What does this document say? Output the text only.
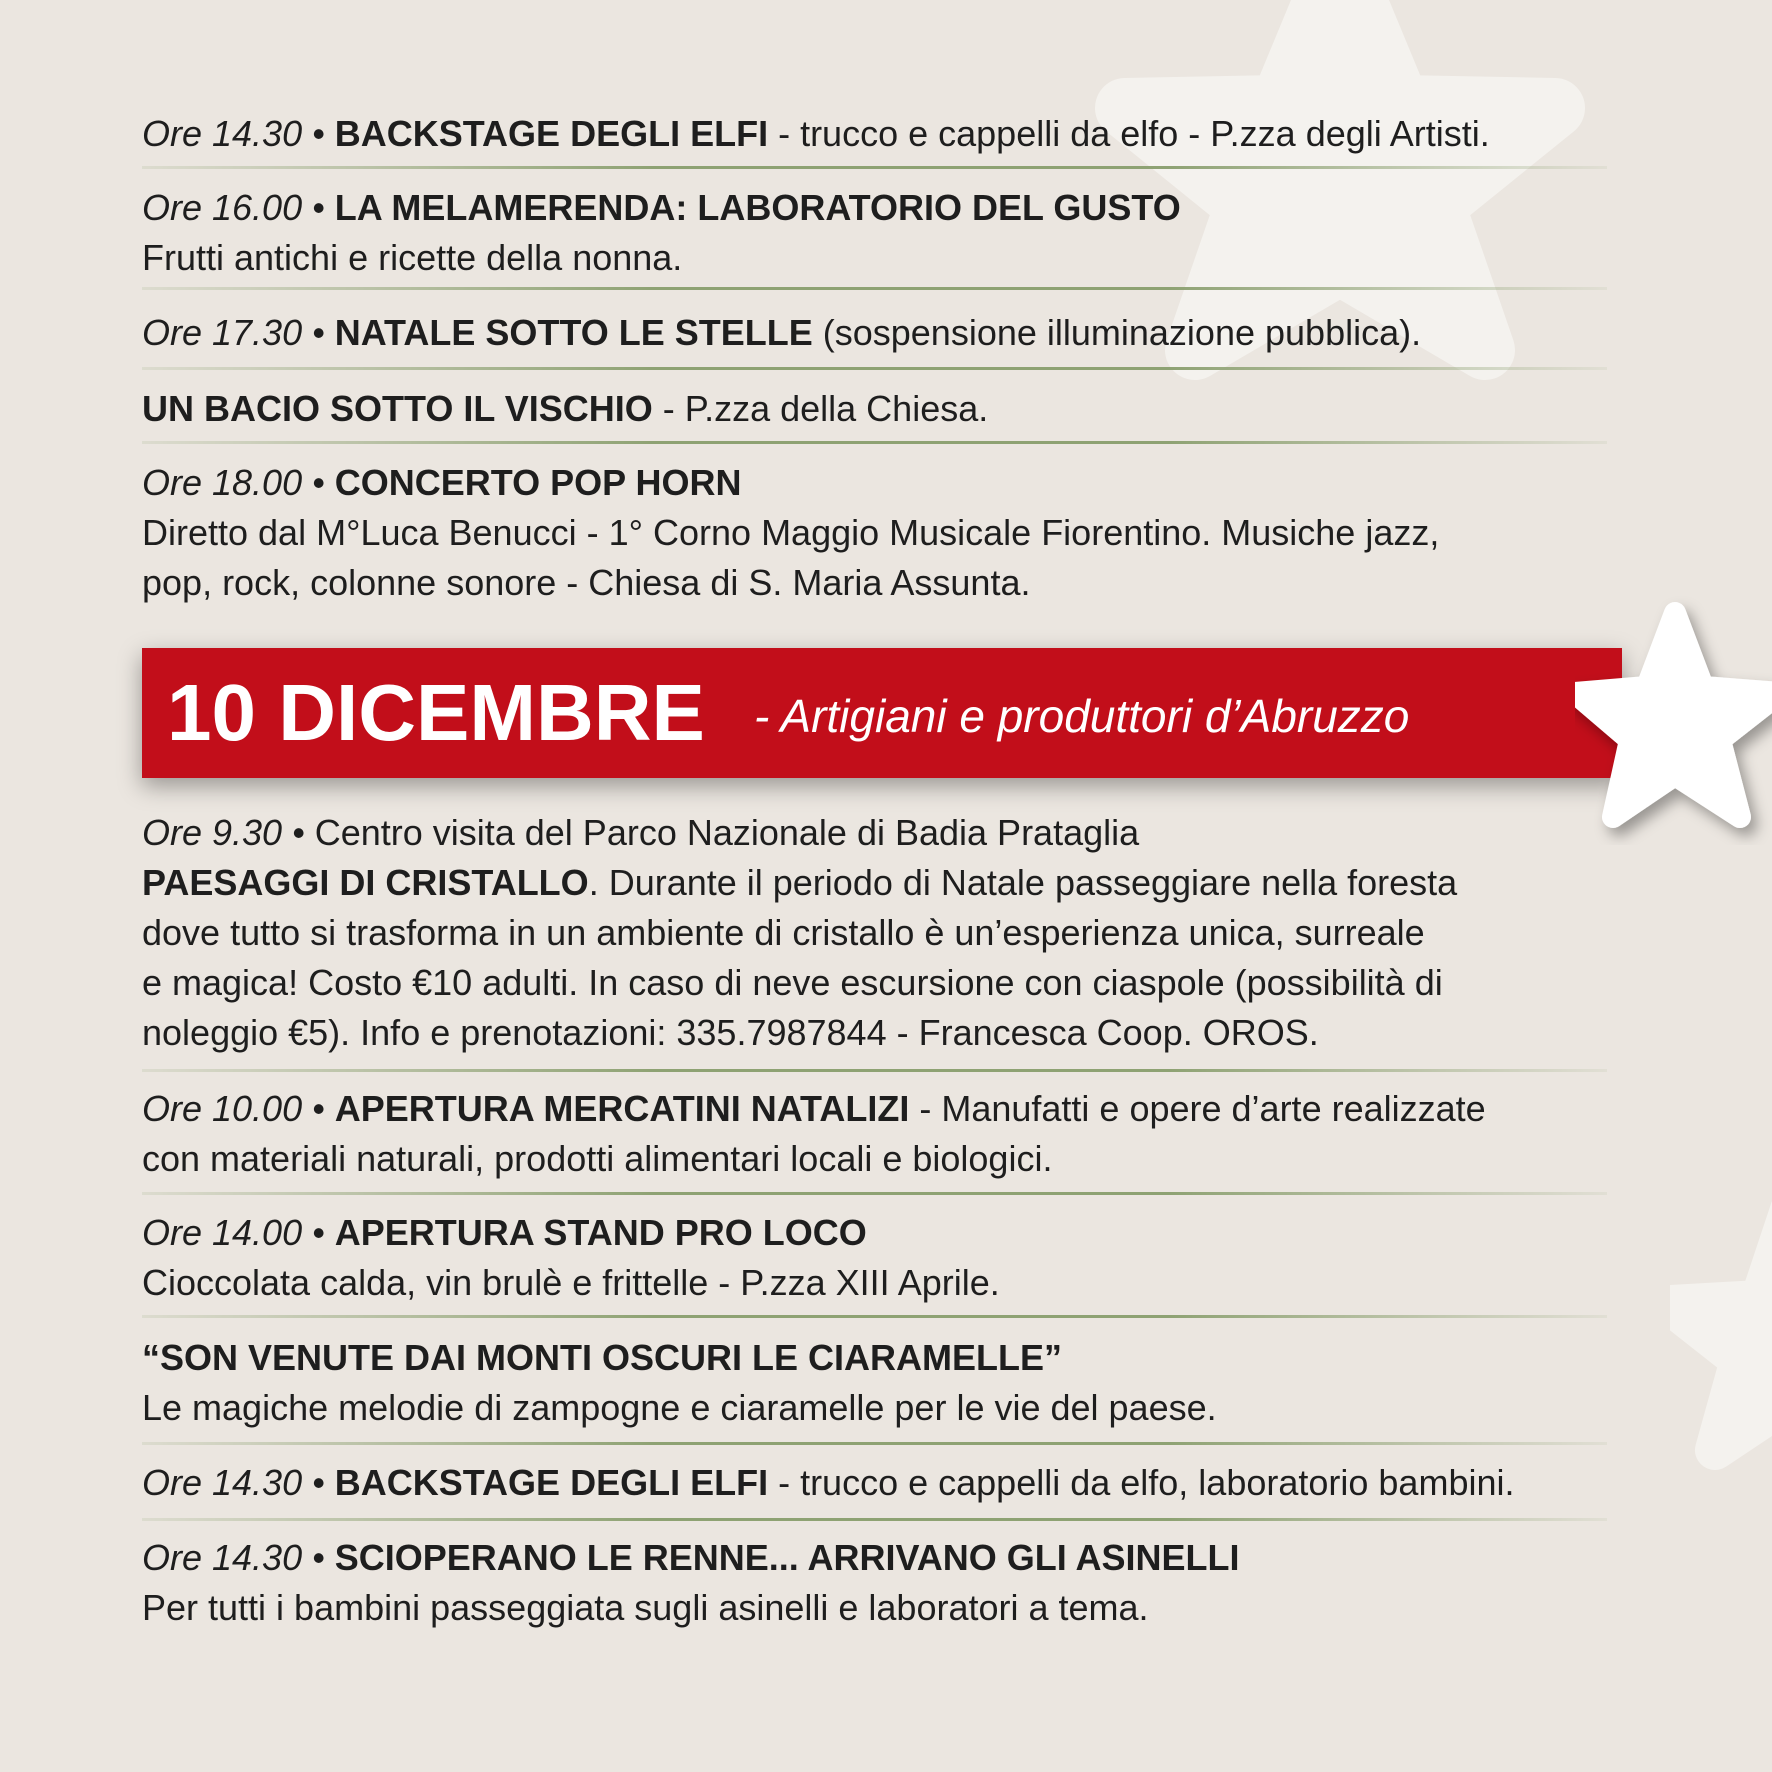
Ore 14.30 • BACKSTAGE DEGLI ELFI - trucco e cappelli da elfo - P.zza degli Artisti.
Ore 16.00 • LA MELAMERENDA: LABORATORIO DEL GUSTO
Frutti antichi e ricette della nonna.
Ore 17.30 • NATALE SOTTO LE STELLE (sospensione illuminazione pubblica).
UN BACIO SOTTO IL VISCHIO - P.zza della Chiesa.
Ore 18.00 • CONCERTO POP HORN
Diretto dal M°Luca Benucci - 1° Corno Maggio Musicale Fiorentino. Musiche jazz,
pop, rock, colonne sonore - Chiesa di S. Maria Assunta.
10 DICEMBRE - Artigiani e produttori d’Abruzzo
Ore 9.30 • Centro visita del Parco Nazionale di Badia Prataglia
PAESAGGI DI CRISTALLO. Durante il periodo di Natale passeggiare nella foresta
dove tutto si trasforma in un ambiente di cristallo è un’esperienza unica, surreale
e magica! Costo €10 adulti. In caso di neve escursione con ciaspole (possibilità di
noleggio €5). Info e prenotazioni: 335.7987844 - Francesca Coop. OROS.
Ore 10.00 • APERTURA MERCATINI NATALIZI - Manufatti e opere d’arte realizzate
con materiali naturali, prodotti alimentari locali e biologici.
Ore 14.00 • APERTURA STAND PRO LOCO
Cioccolata calda, vin brulè e frittelle - P.zza XIII Aprile.
“SON VENUTE DAI MONTI OSCURI LE CIARAMELLE”
Le magiche melodie di zampogne e ciaramelle per le vie del paese.
Ore 14.30 • BACKSTAGE DEGLI ELFI - trucco e cappelli da elfo, laboratorio bambini.
Ore 14.30 • SCIOPERANO LE RENNE... ARRIVANO GLI ASINELLI
Per tutti i bambini passeggiata sugli asinelli e laboratori a tema.
